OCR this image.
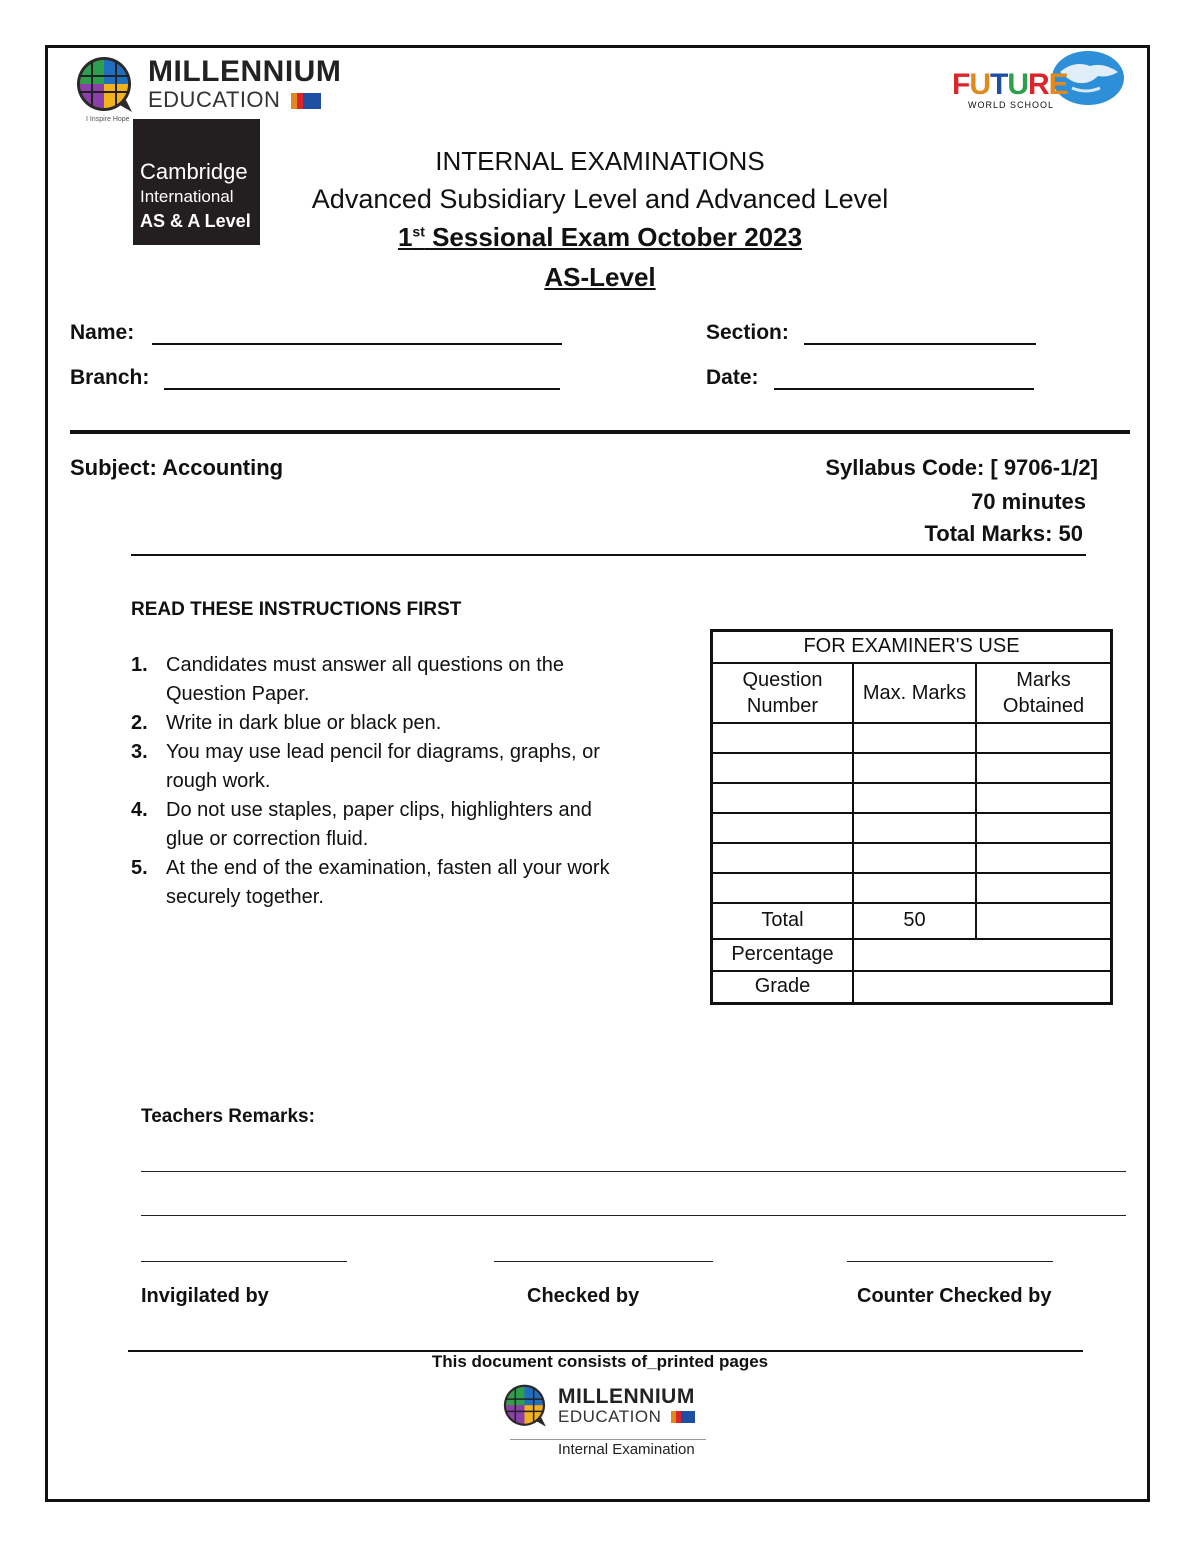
MILLENNIUM
EDUCATION
I Inspire Hope
Cambridge
International
AS & A Level
FUTURE
WORLD SCHOOL
INTERNAL EXAMINATIONS
Advanced Subsidiary Level and Advanced Level
1st Sessional Exam October 2023
AS-Level
Name:	Section:
Branch:	Date:
Subject: Accounting	Syllabus Code: [ 9706-1/2]
70 minutes
Total Marks: 50
READ THESE INSTRUCTIONS FIRST
1. Candidates must answer all questions on the Question Paper.
2. Write in dark blue or black pen.
3. You may use lead pencil for diagrams, graphs, or rough work.
4. Do not use staples, paper clips, highlighters and glue or correction fluid.
5. At the end of the examination, fasten all your work securely together.
FOR EXAMINER'S USE		
Question Number	Max. Marks	Marks Obtained

Total	50	
Percentage		
Grade		
Teachers Remarks:
Invigilated by	Checked by	Counter Checked by
This document consists of_printed pages
MILLENNIUM
EDUCATION
Internal Examination
